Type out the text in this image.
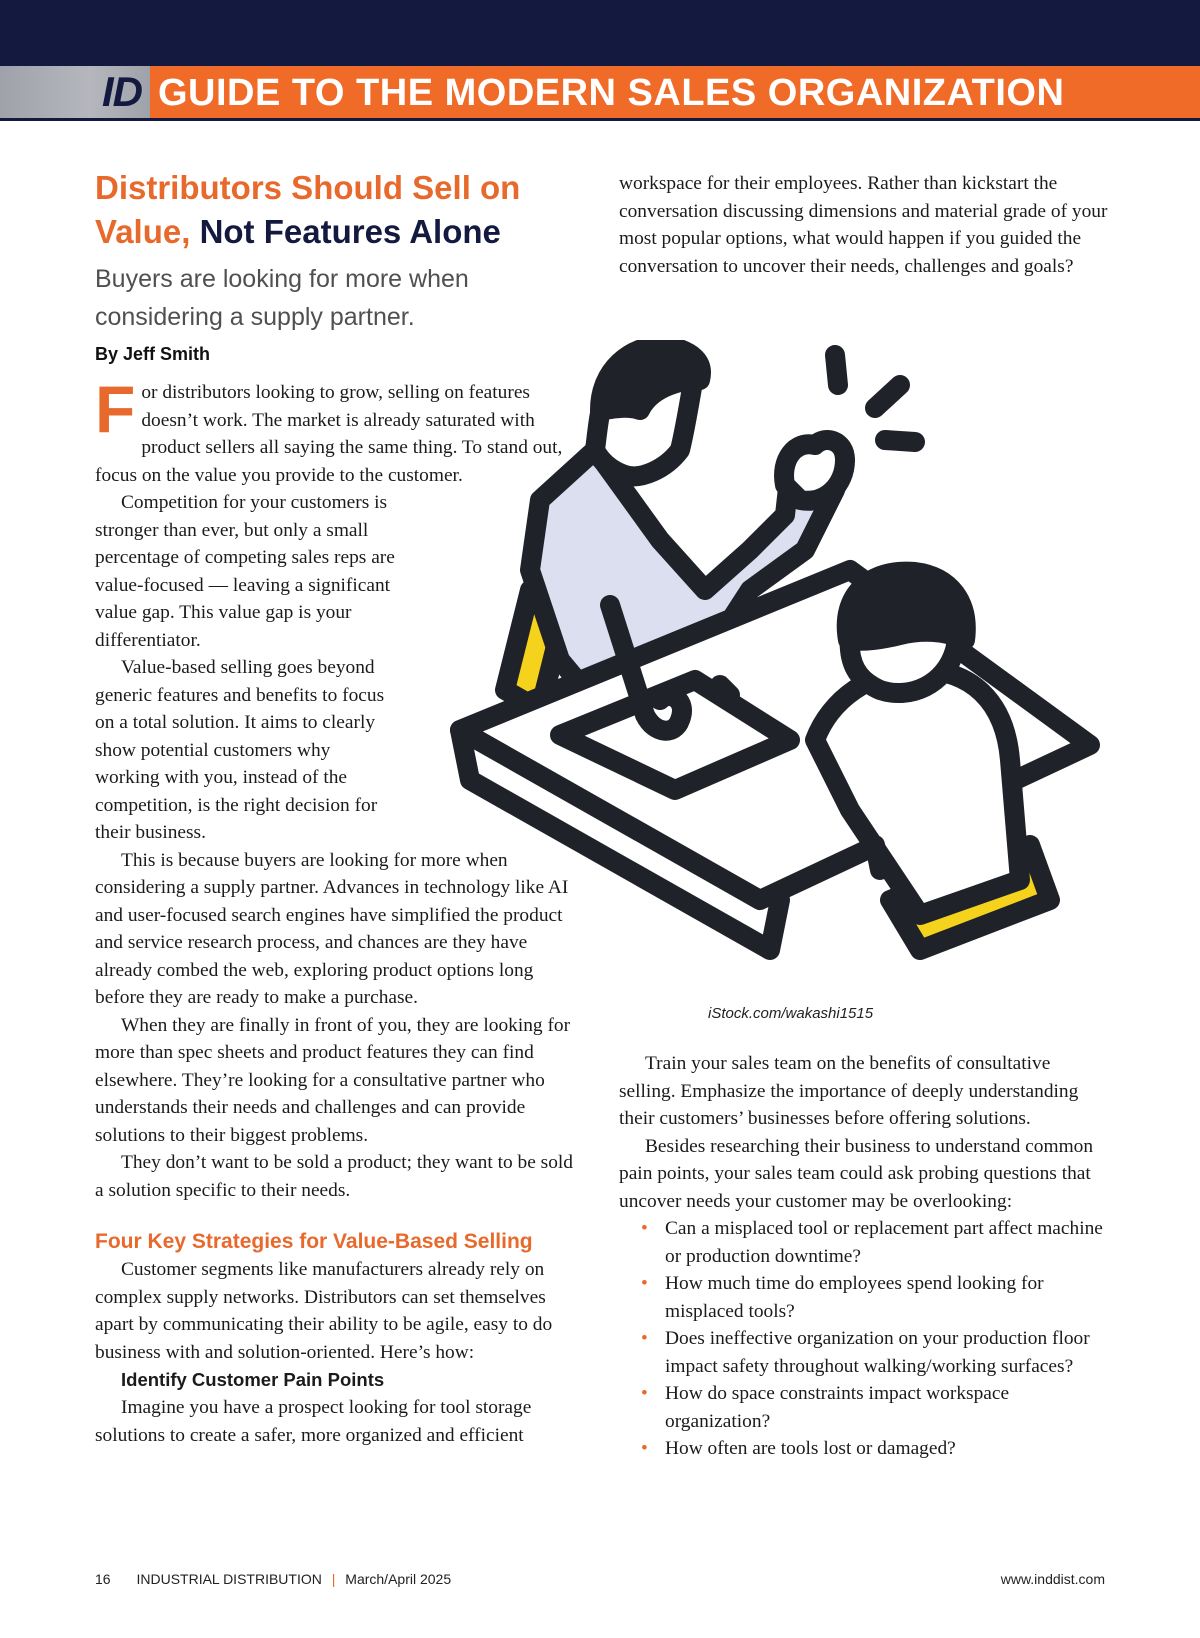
ID GUIDE TO THE MODERN SALES ORGANIZATION
Distributors Should Sell on Value, Not Features Alone
Buyers are looking for more when considering a supply partner.
By Jeff Smith

For distributors looking to grow, selling on features doesn’t work. The market is already saturated with product sellers all saying the same thing. To stand out, focus on the value you provide to the customer.

Competition for your customers is stronger than ever, but only a small percentage of competing sales reps are value-focused — leaving a significant value gap. This value gap is your differentiator.

Value-based selling goes beyond generic features and benefits to focus on a total solution. It aims to clearly show potential customers why working with you, instead of the competition, is the right decision for their business.

This is because buyers are looking for more when considering a supply partner. Advances in technology like AI and user-focused search engines have simplified the product and service research process, and chances are they have already combed the web, exploring product options long before they are ready to make a purchase.

When they are finally in front of you, they are looking for more than spec sheets and product features they can find elsewhere. They’re looking for a consultative partner who understands their needs and challenges and can provide solutions to their biggest problems.

They don’t want to be sold a product; they want to be sold a solution specific to their needs.

Four Key Strategies for Value-Based Selling

Customer segments like manufacturers already rely on complex supply networks. Distributors can set themselves apart by communicating their ability to be agile, easy to do business with and solution-oriented. Here’s how:

Identify Customer Pain Points

Imagine you have a prospect looking for tool storage solutions to create a safer, more organized and efficient

workspace for their employees. Rather than kickstart the conversation discussing dimensions and material grade of your most popular options, what would happen if you guided the conversation to uncover their needs, challenges and goals?

iStock.com/wakashi1515

Train your sales team on the benefits of consultative selling. Emphasize the importance of deeply understanding their customers’ businesses before offering solutions.

Besides researching their business to understand common pain points, your sales team could ask probing questions that uncover needs your customer may be overlooking:

• Can a misplaced tool or replacement part affect machine or production downtime?
• How much time do employees spend looking for misplaced tools?
• Does ineffective organization on your production floor impact safety throughout walking/working surfaces?
• How do space constraints impact workspace organization?
• How often are tools lost or damaged?
16 INDUSTRIAL DISTRIBUTION | March/April 2025	www.inddist.com
